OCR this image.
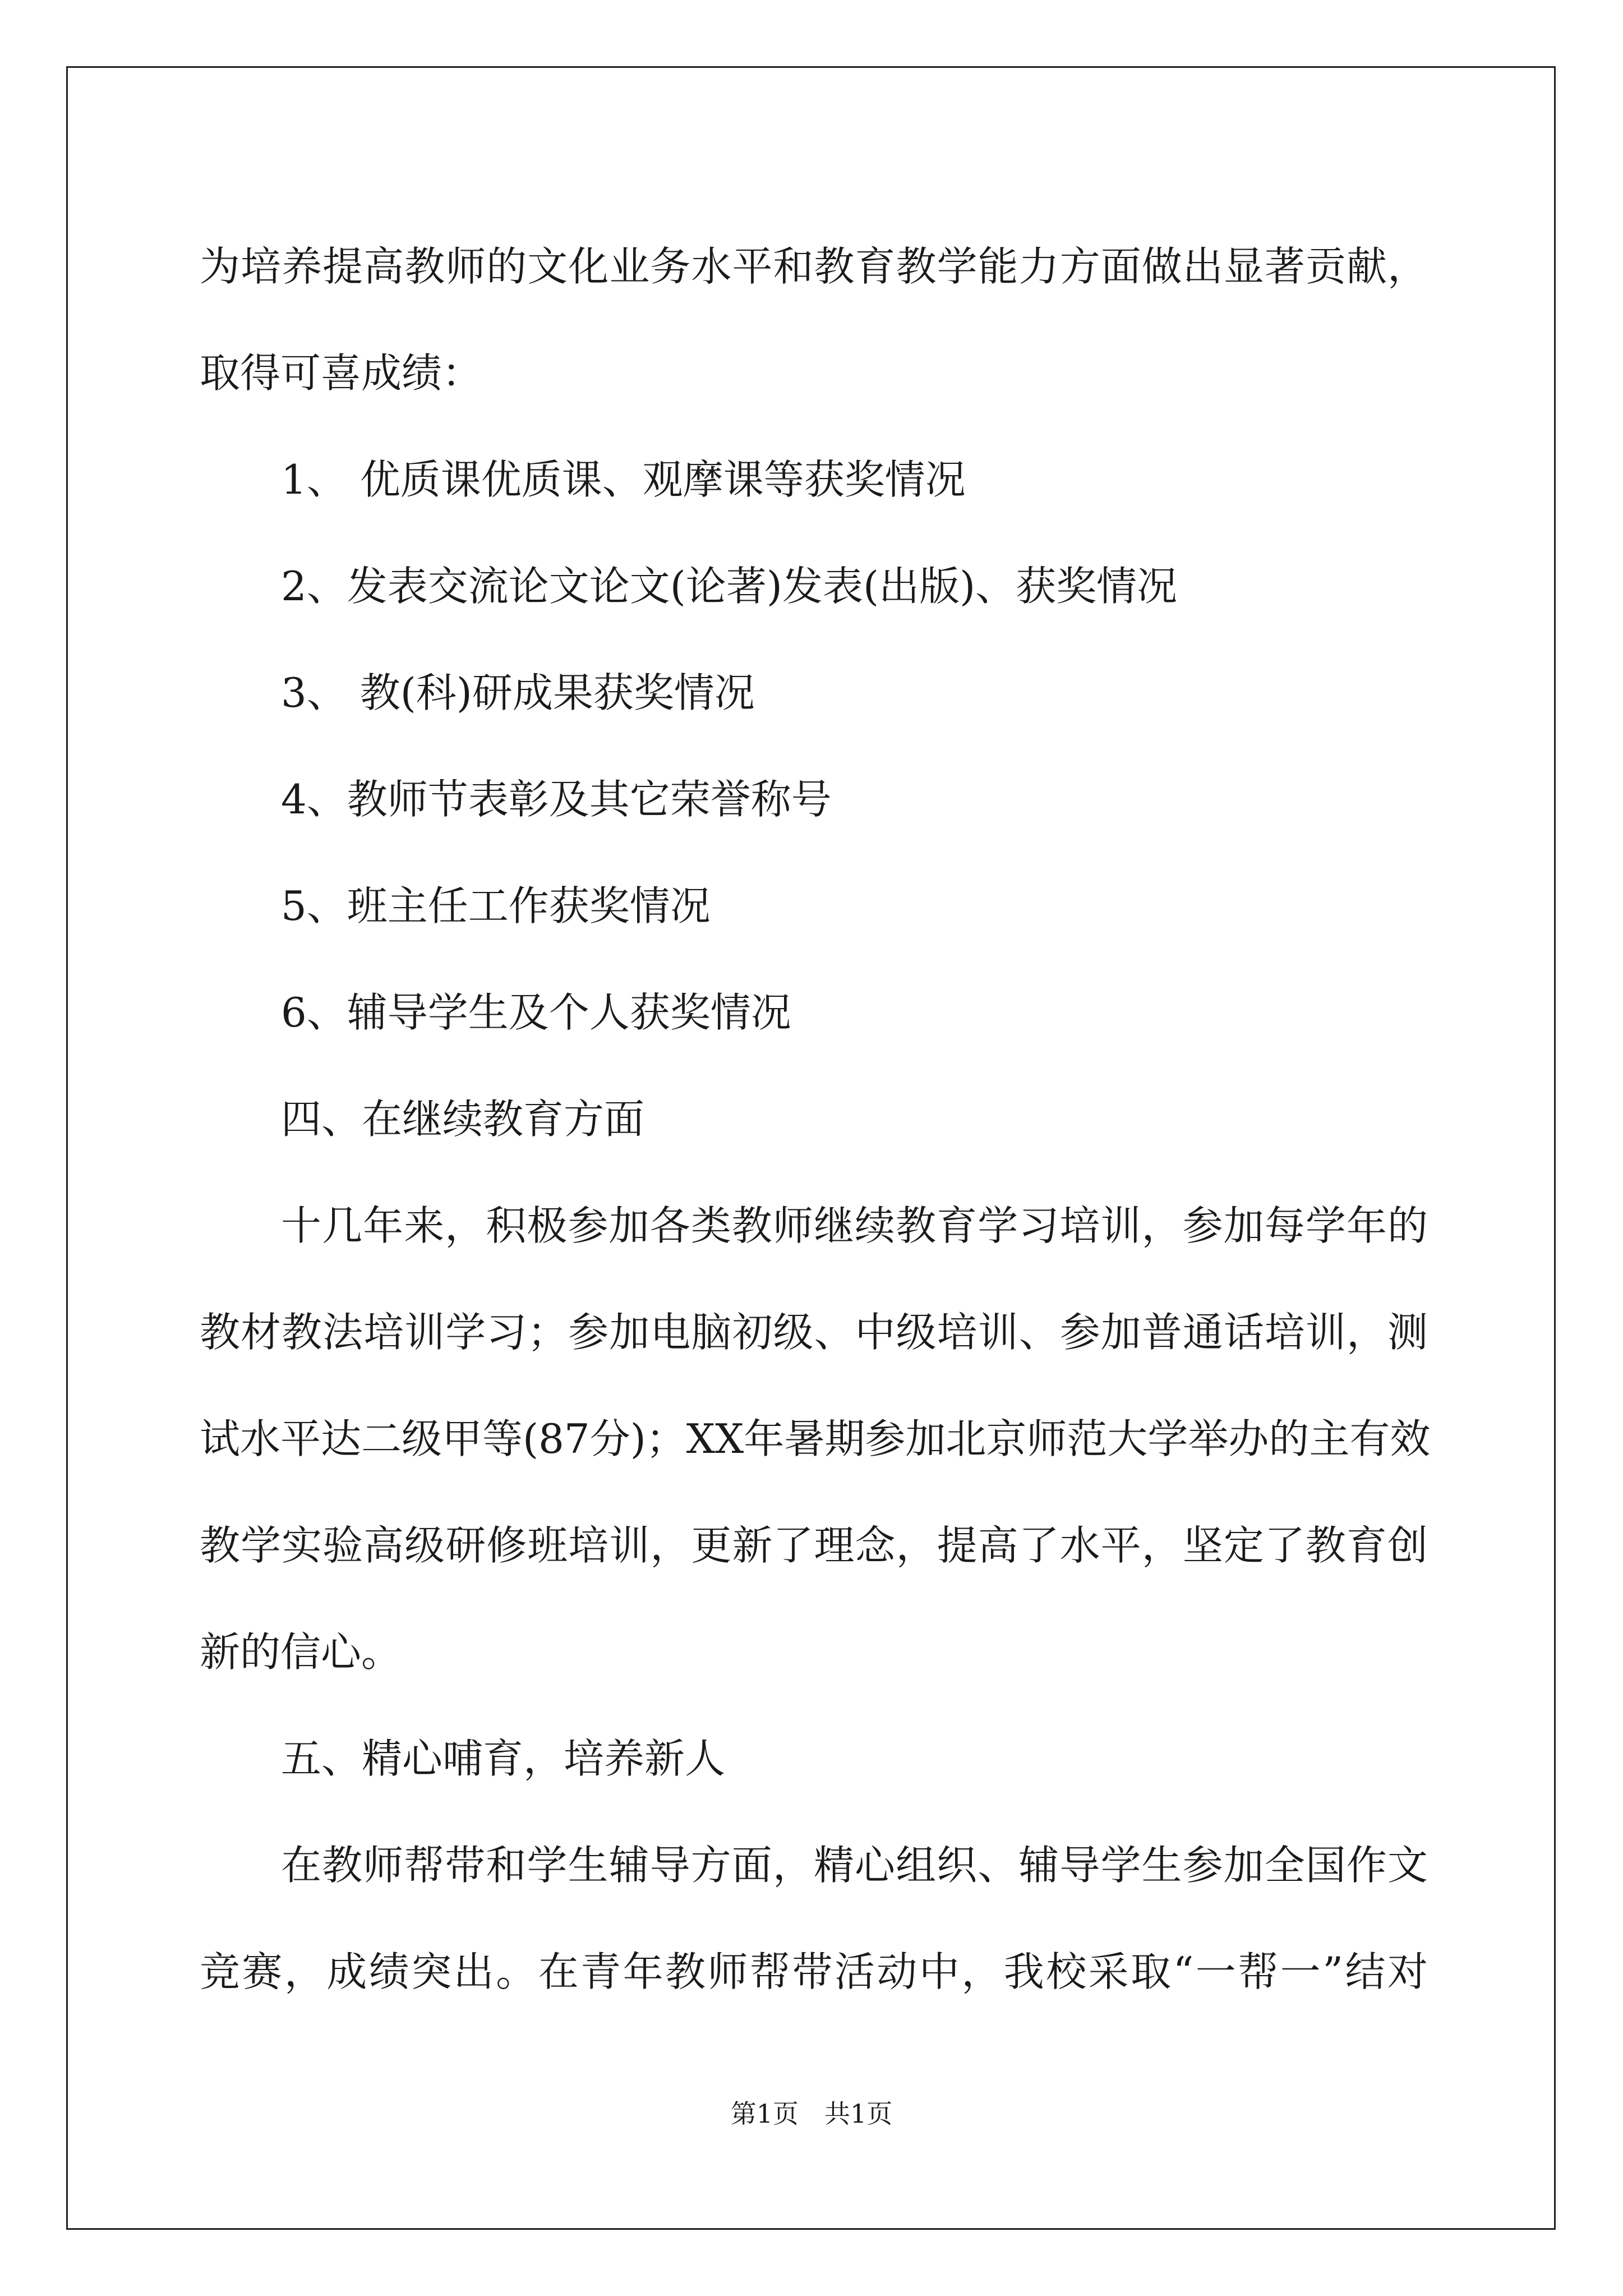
为培养提高教师的文化业务水平和教育教学能力方面做出显著贡献，
取得可喜成绩：
1、 优质课优质课、观摩课等获奖情况
2、发表交流论文论文(论著)发表(出版)、获奖情况
3、 教(科)研成果获奖情况
4、教师节表彰及其它荣誉称号
5、班主任工作获奖情况
6、辅导学生及个人获奖情况
四、在继续教育方面
十几年来，积极参加各类教师继续教育学习培训，参加每学年的
教材教法培训学习；参加电脑初级、中级培训、参加普通话培训，测
试水平达二级甲等(87分)；XX年暑期参加北京师范大学举办的主有效
教学实验高级研修班培训，更新了理念，提高了水平，坚定了教育创
新的信心。
五、精心哺育，培养新人
在教师帮带和学生辅导方面，精心组织、辅导学生参加全国作文
竞赛，成绩突出。在青年教师帮带活动中，我校采取“一帮一”结对
第1页　共1页
